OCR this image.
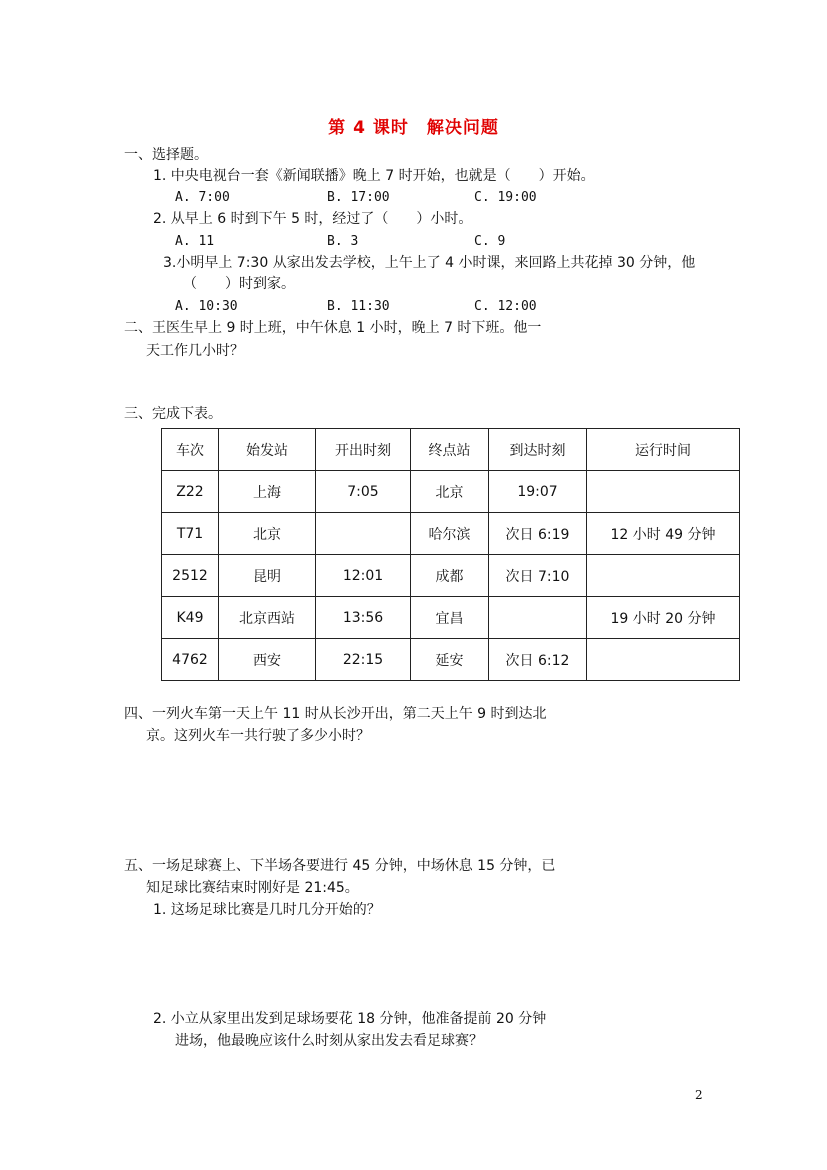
第 4 课时　解决问题
一、选择题。
1. 中央电视台一套《新闻联播》晚上 7 时开始，也就是（　　）开始。
A. 7:00	B. 17:00	C. 19:00
2. 从早上 6 时到下午 5 时，经过了（　　）小时。
A. 11	B. 3	C. 9
3.小明早上 7:30 从家出发去学校，上午上了 4 小时课，来回路上共花掉 30 分钟，他
（　　）时到家。
A. 10:30	B. 11:30	C. 12:00
二、王医生早上 9 时上班，中午休息 1 小时，晚上 7 时下班。他一
天工作几小时？
三、完成下表。
车次	始发站	开出时刻	终点站	到达时刻	运行时间
Z22	上海	7:05	北京	19:07	
T71	北京		哈尔滨	次日 6:19	12 小时 49 分钟
2512	昆明	12:01	成都	次日 7:10	
K49	北京西站	13:56	宜昌		19 小时 20 分钟
4762	西安	22:15	延安	次日 6:12	
四、一列火车第一天上午 11 时从长沙开出，第二天上午 9 时到达北
京。这列火车一共行驶了多少小时？
五、一场足球赛上、下半场各要进行 45 分钟，中场休息 15 分钟，已
知足球比赛结束时刚好是 21:45。
1. 这场足球比赛是几时几分开始的？
2. 小立从家里出发到足球场要花 18 分钟，他准备提前 20 分钟
进场，他最晚应该什么时刻从家出发去看足球赛？
2
